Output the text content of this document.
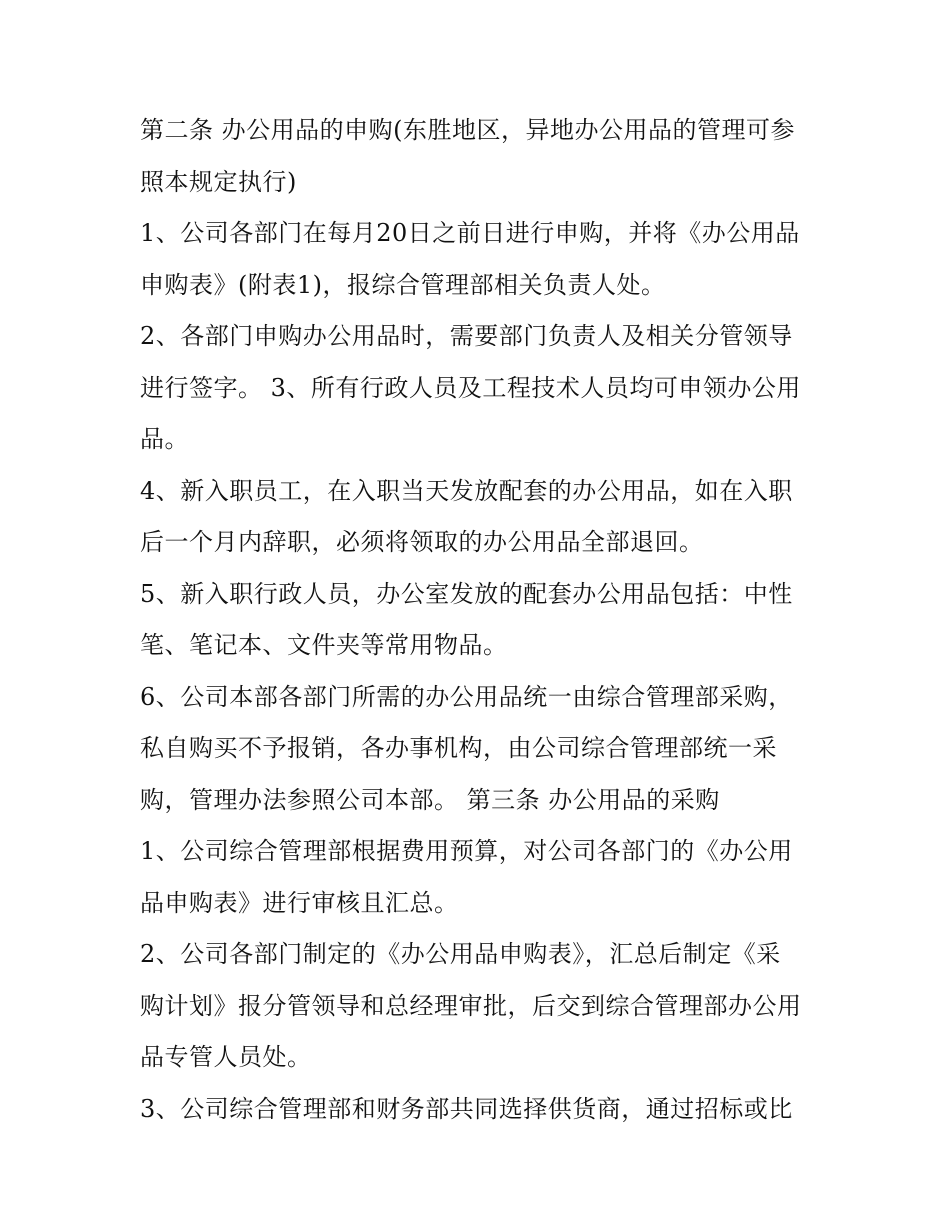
第二条 办公用品的申购(东胜地区，异地办公用品的管理可参
照本规定执行)
1、公司各部门在每月20日之前日进行申购，并将《办公用品
申购表》(附表1)，报综合管理部相关负责人处。
2、各部门申购办公用品时，需要部门负责人及相关分管领导
进行签字。 3、所有行政人员及工程技术人员均可申领办公用
品。
4、新入职员工，在入职当天发放配套的办公用品，如在入职
后一个月内辞职，必须将领取的办公用品全部退回。
5、新入职行政人员，办公室发放的配套办公用品包括：中性
笔、笔记本、文件夹等常用物品。
6、公司本部各部门所需的办公用品统一由综合管理部采购，
私自购买不予报销，各办事机构，由公司综合管理部统一采
购，管理办法参照公司本部。 第三条 办公用品的采购
1、公司综合管理部根据费用预算，对公司各部门的《办公用
品申购表》进行审核且汇总。
2、公司各部门制定的《办公用品申购表》，汇总后制定《采
购计划》报分管领导和总经理审批，后交到综合管理部办公用
品专管人员处。
3、公司综合管理部和财务部共同选择供货商，通过招标或比
